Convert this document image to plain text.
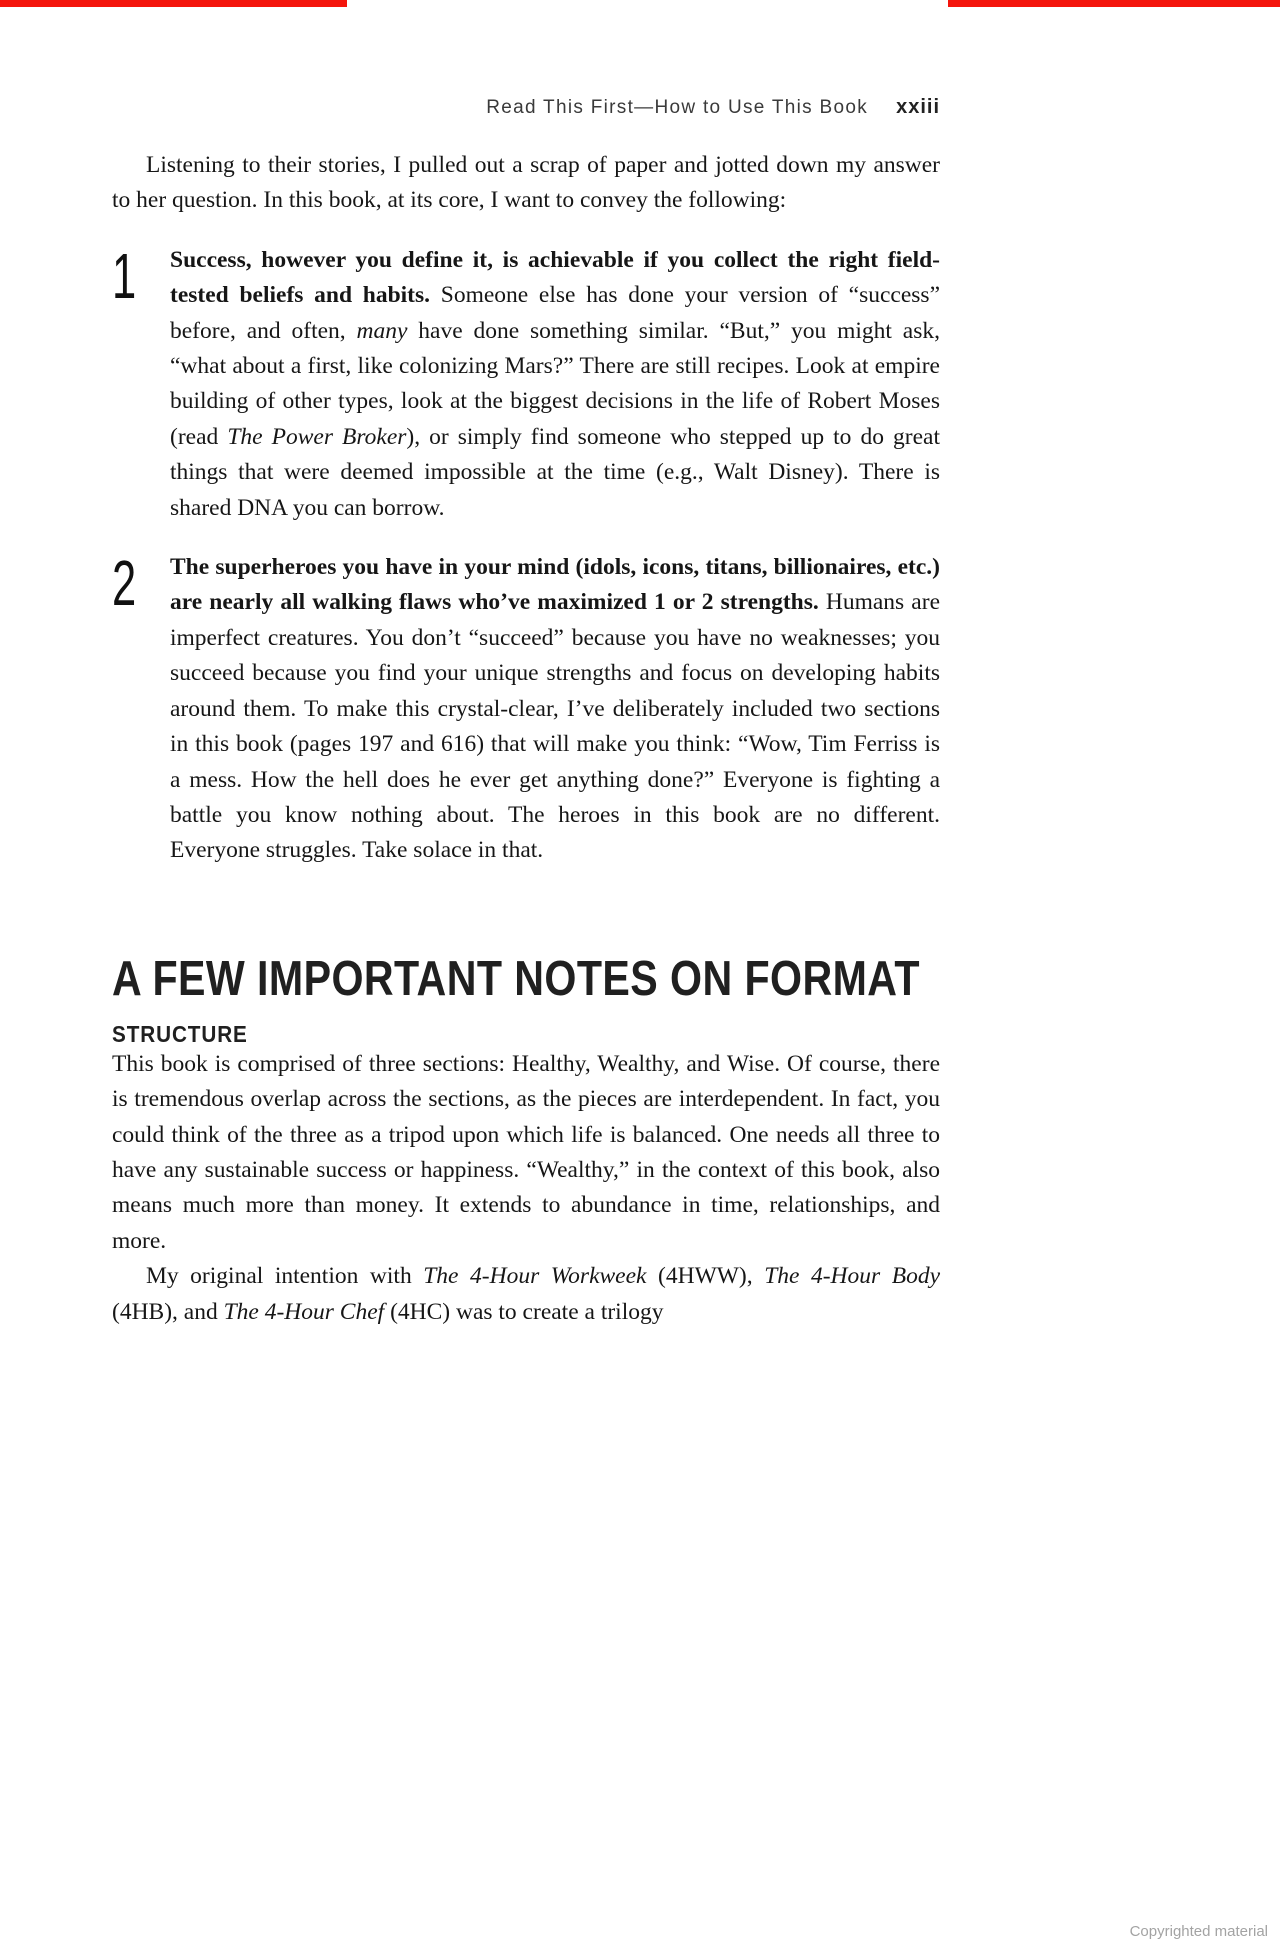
Read This First—How to Use This Book xxiii

Listening to their stories, I pulled out a scrap of paper and jotted down my answer to her question. In this book, at its core, I want to convey the following:

1 Success, however you define it, is achievable if you collect the right field-tested beliefs and habits. Someone else has done your version of “success” before, and often, many have done something similar. “But,” you might ask, “what about a first, like colonizing Mars?” There are still recipes. Look at empire building of other types, look at the biggest decisions in the life of Robert Moses (read The Power Broker), or simply find someone who stepped up to do great things that were deemed impossible at the time (e.g., Walt Disney). There is shared DNA you can borrow.

2 The superheroes you have in your mind (idols, icons, titans, billionaires, etc.) are nearly all walking flaws who’ve maximized 1 or 2 strengths. Humans are imperfect creatures. You don’t “succeed” because you have no weaknesses; you succeed because you find your unique strengths and focus on developing habits around them. To make this crystal-clear, I’ve deliberately included two sections in this book (pages 197 and 616) that will make you think: “Wow, Tim Ferriss is a mess. How the hell does he ever get anything done?” Everyone is fighting a battle you know nothing about. The heroes in this book are no different. Everyone struggles. Take solace in that.

A FEW IMPORTANT NOTES ON FORMAT
STRUCTURE

This book is comprised of three sections: Healthy, Wealthy, and Wise. Of course, there is tremendous overlap across the sections, as the pieces are interdependent. In fact, you could think of the three as a tripod upon which life is balanced. One needs all three to have any sustainable success or happiness. “Wealthy,” in the context of this book, also means much more than money. It extends to abundance in time, relationships, and more.

My original intention with The 4-Hour Workweek (4HWW), The 4-Hour Body (4HB), and The 4-Hour Chef (4HC) was to create a trilogy

Copyrighted material
